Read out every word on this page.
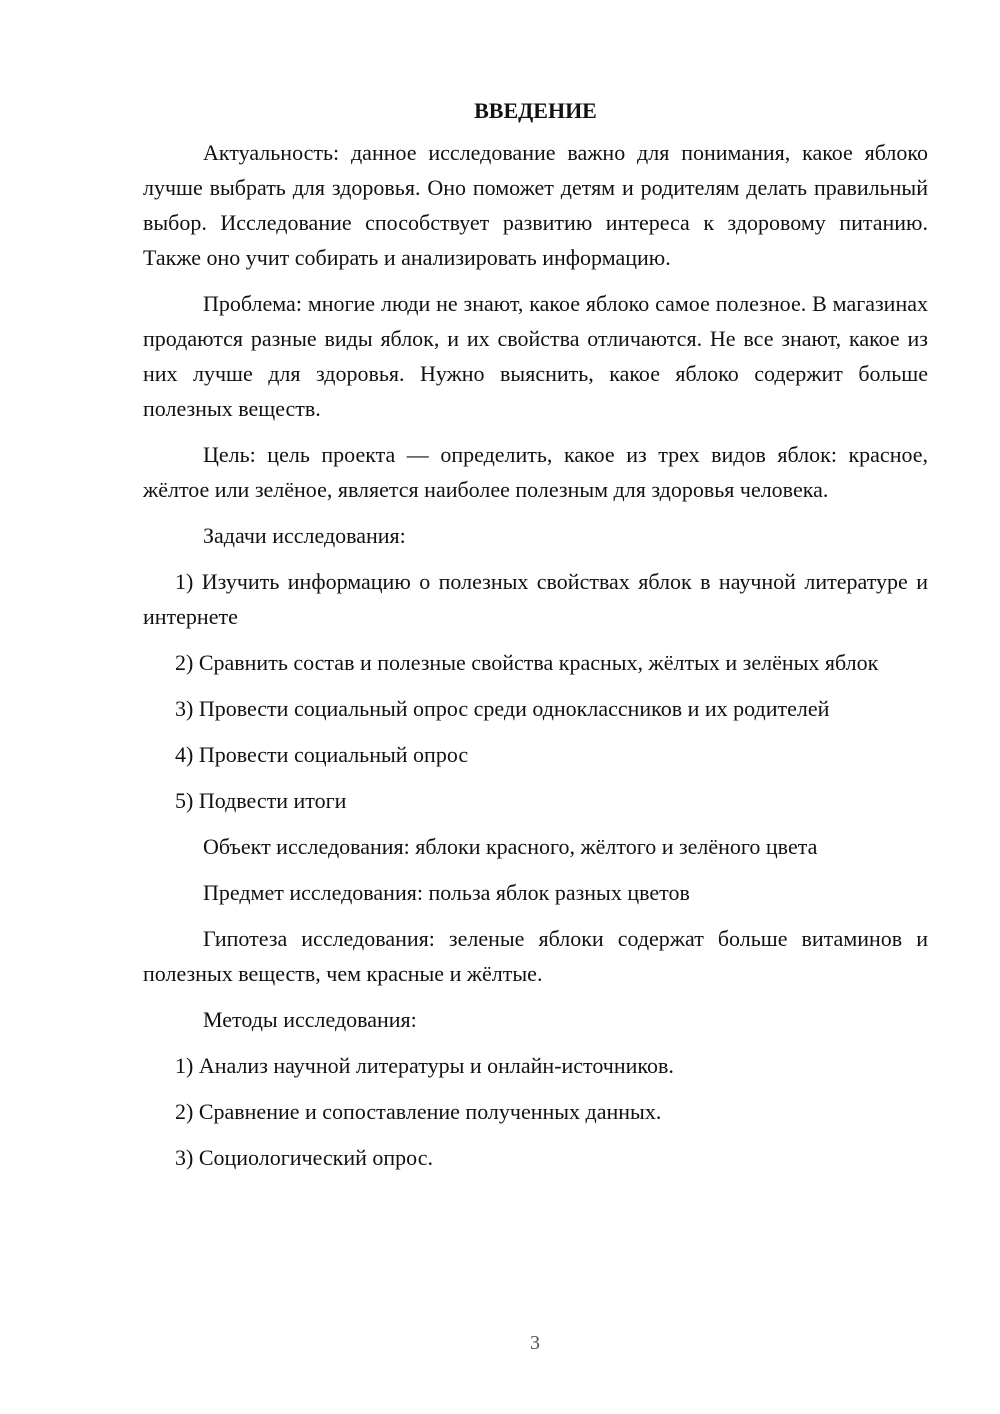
ВВЕДЕНИЕ

Актуальность: данное исследование важно для понимания, какое яблоко лучше выбрать для здоровья. Оно поможет детям и родителям делать правильный выбор. Исследование способствует развитию интереса к здоровому питанию. Также оно учит собирать и анализировать информацию.

Проблема: многие люди не знают, какое яблоко самое полезное. В магазинах продаются разные виды яблок, и их свойства отличаются. Не все знают, какое из них лучше для здоровья. Нужно выяснить, какое яблоко содержит больше полезных веществ.

Цель: цель проекта — определить, какое из трех видов яблок: красное, жёлтое или зелёное, является наиболее полезным для здоровья человека.

Задачи исследования:

1) Изучить информацию о полезных свойствах яблок в научной литературе и интернете

2) Сравнить состав и полезные свойства красных, жёлтых и зелёных яблок

3) Провести социальный опрос среди одноклассников и их родителей

4) Провести социальный опрос

5) Подвести итоги

Объект исследования: яблоки красного, жёлтого и зелёного цвета

Предмет исследования: польза яблок разных цветов

Гипотеза исследования: зеленые яблоки содержат больше витаминов и полезных веществ, чем красные и жёлтые.

Методы исследования:

1) Анализ научной литературы и онлайн-источников.

2) Сравнение и сопоставление полученных данных.

3) Социологический опрос.

3
